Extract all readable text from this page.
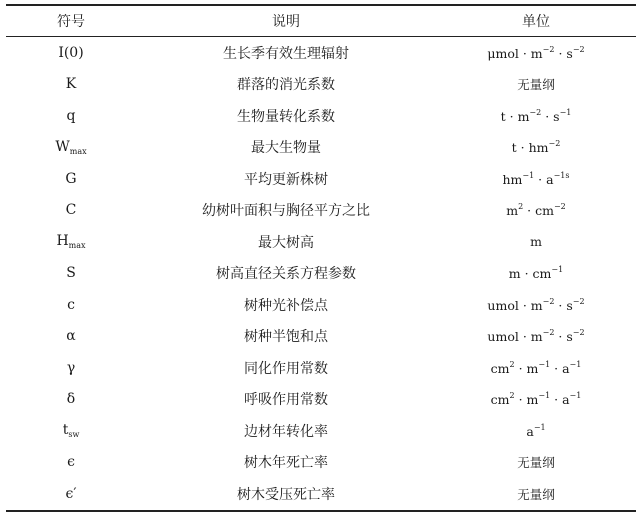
符号	说明	单位
I(0)	生长季有效生理辐射	$\mu mol \cdot m^{-2} \cdot s^{-2}$
K	群落的消光系数	无量纲
q	生物量转化系数	$t \cdot m^{-2} \cdot s^{-1}$
$W_{max}$	最大生物量	$t \cdot hm^{-2}$
G	平均更新株树	$hm^{-1} \cdot a^{-1s}$
C	幼树叶面积与胸径平方之比	$m^2 \cdot cm^{-2}$
$H_{max}$	最大树高	m
S	树高直径关系方程参数	$m \cdot cm^{-1}$
c	树种光补偿点	umol · $m^{-2} \cdot s^{-2}$
α	树种半饱和点	umol · $m^{-2} \cdot s^{-2}$
γ	同化作用常数	$cm^2 \cdot m^{-1} \cdot a^{-1}$
δ	呼吸作用常数	$cm^2 \cdot m^{-1} \cdot a^{-1}$
$t_{sw}$	边材年转化率	$a^{-1}$
ϵ	树木年死亡率	无量纲
ϵ′	树木受压死亡率	无量纲
